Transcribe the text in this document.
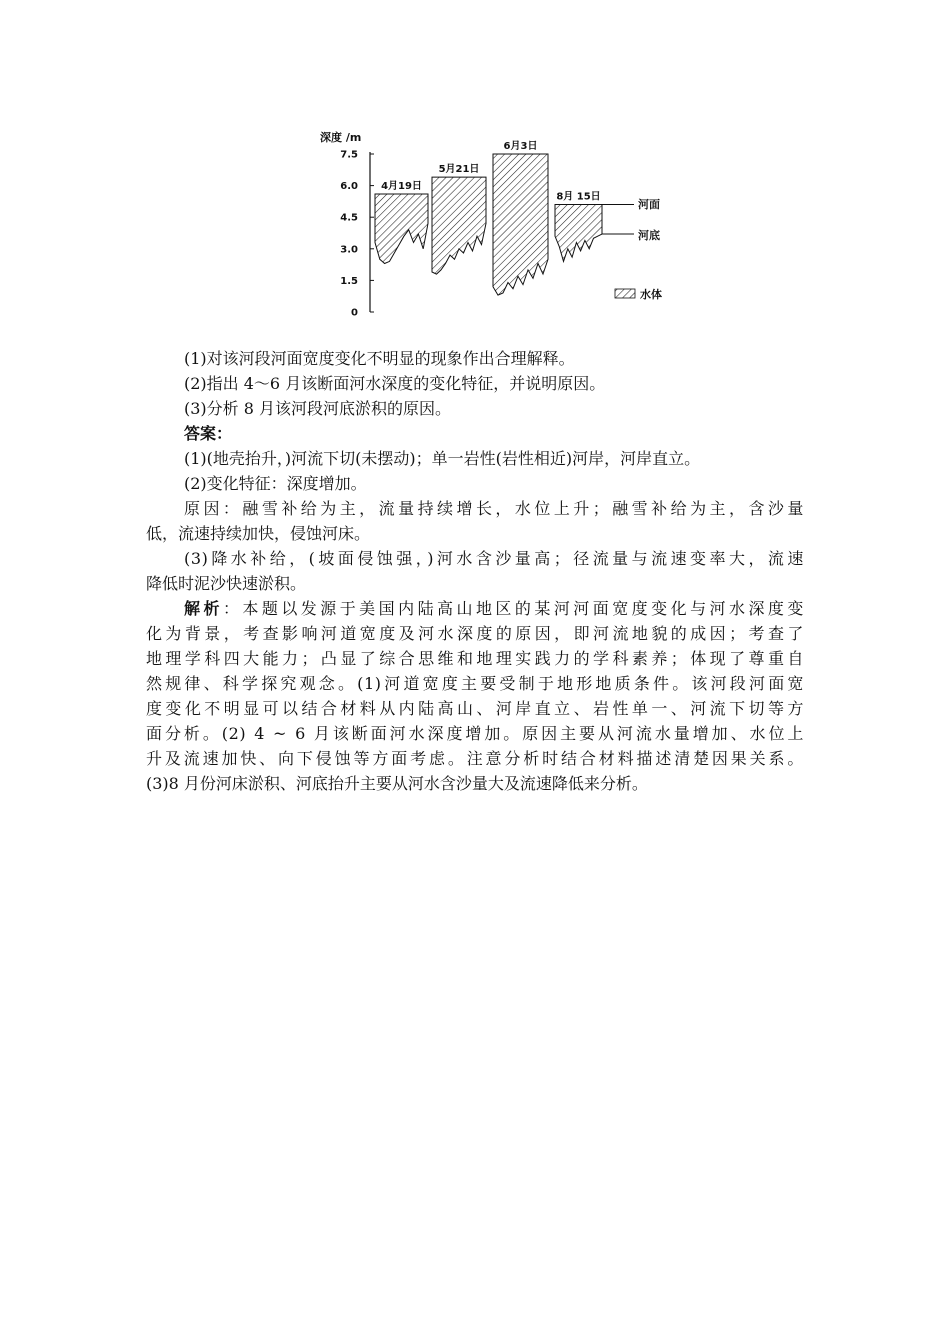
深度 /m
7.5
6.0
4.5
3.0
1.5
0
4月19日
5月21日
6月3日
8月 15日
河面
河底
水体

(1)对该河段河面宽度变化不明显的现象作出合理解释。

(2)指出 4～6 月该断面河水深度的变化特征，并说明原因。

(3)分析 8 月该河段河底淤积的原因。

答案：

(1)(地壳抬升，)河流下切(未摆动)；单一岩性(岩性相近)河岸，河岸直立。

(2)变化特征：深度增加。

原因：融雪补给为主，流量持续增长，水位上升；融雪补给为主，含沙量

低，流速持续加快，侵蚀河床。

(3)降水补给，(坡面侵蚀强，)河水含沙量高；径流量与流速变率大，流速

降低时泥沙快速淤积。

解析：本题以发源于美国内陆高山地区的某河河面宽度变化与河水深度变

化为背景，考查影响河道宽度及河水深度的原因，即河流地貌的成因；考查了

地理学科四大能力；凸显了综合思维和地理实践力的学科素养；体现了尊重自

然规律、科学探究观念。(1)河道宽度主要受制于地形地质条件。该河段河面宽

度变化不明显可以结合材料从内陆高山、河岸直立、岩性单一、河流下切等方

面分析。(2) 4 ~ 6 月该断面河水深度增加。原因主要从河流水量增加、水位上

升及流速加快、向下侵蚀等方面考虑。注意分析时结合材料描述清楚因果关系。

(3)8 月份河床淤积、河底抬升主要从河水含沙量大及流速降低来分析。
